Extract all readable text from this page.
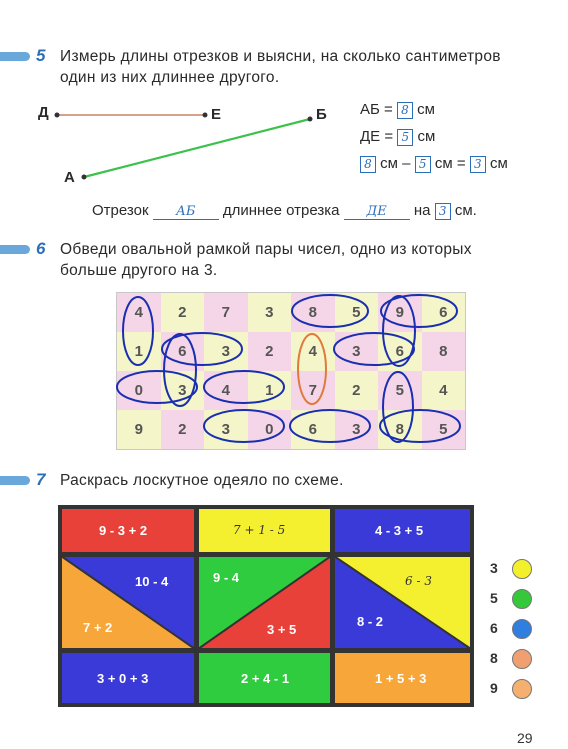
5 Измерь длины отрезков и выясни, на сколько сантиметров
один из них длиннее другого.
Д	Е	Б
А
АБ = 8 см
ДЕ = 5 см
8 см – 5 см = 3 см
Отрезок АБ длиннее отрезка ДЕ на 3 см.
6 Обведи овальной рамкой пары чисел, одно из которых
больше другого на 3.
4	2	7	3	8	5	9	6
1	6	3	2	4	3	6	8
0	3	4	1	7	2	5	4
9	2	3	0	6	3	8	5
7 Раскрась лоскутное одеяло по схеме.
9 - 3 + 2	7 + 1 - 5	4 - 3 + 5
10 - 4
7 + 2
9 - 4
3 + 5
6 - 3
8 - 2
3 + 0 + 3	2 + 4 - 1	1 + 5 + 3
3
5
6
8
9
29
